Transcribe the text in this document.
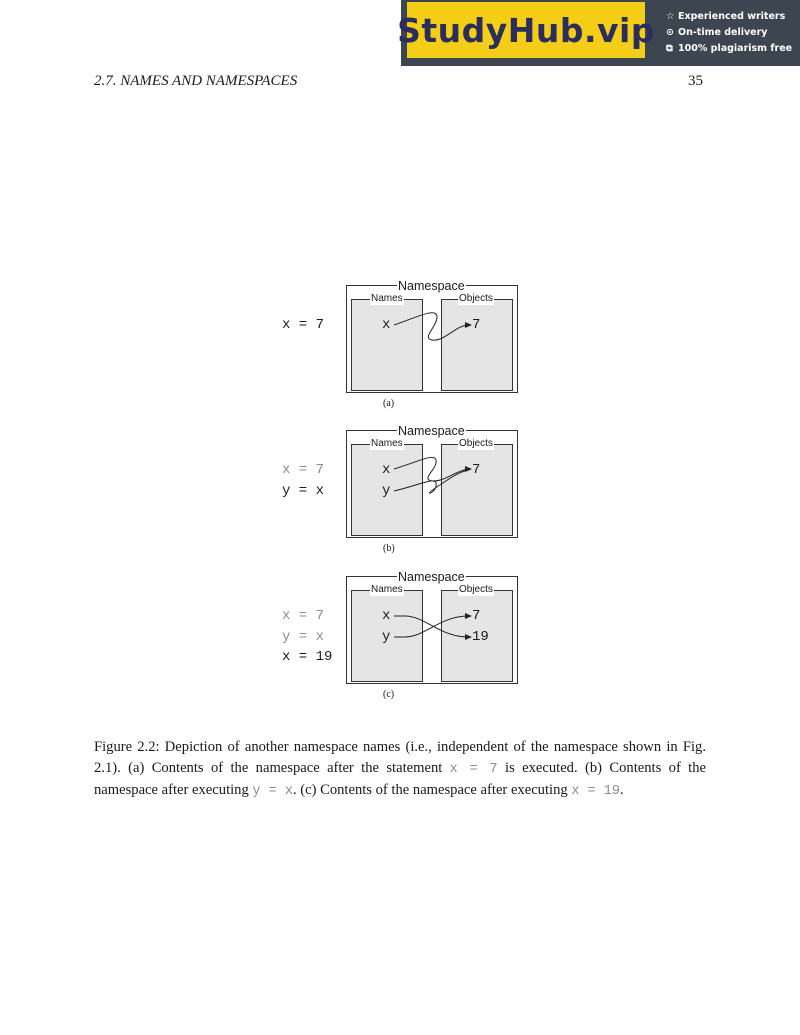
StudyHub.vip ☆ Experienced writers
⊙ On-time delivery
⧉ 100% plagiarism free
2.7. NAMES AND NAMESPACES	35
x = 7
Namespace
Names	Objects
x	7
(a)
x = 7
y = x
Namespace
Names	Objects
x
y
7
(b)
x = 7
y = x
x = 19
Namespace
Names	Objects
x
y
7
19
(c)
Figure 2.2: Depiction of another namespace names (i.e., independent of the namespace shown in Fig. 2.1). (a) Contents of the namespace after the statement x = 7 is executed. (b) Contents of the namespace after executing y = x. (c) Contents of the namespace after executing x = 19.
